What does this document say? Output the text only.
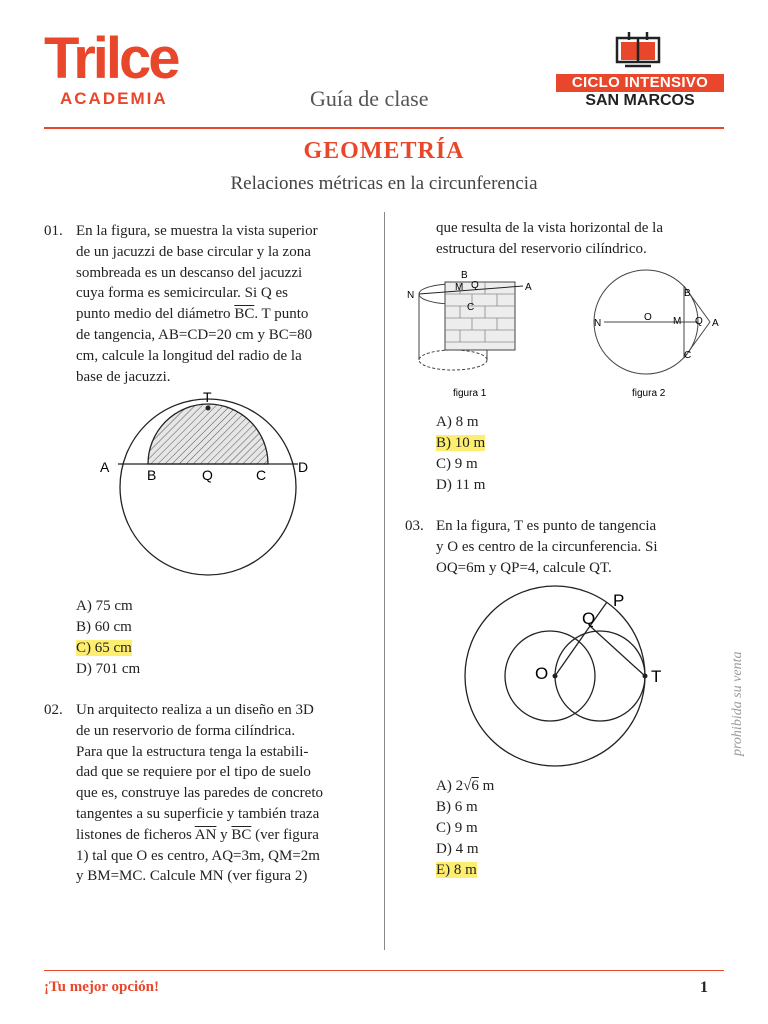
Trilce
ACADEMIA	Guía de clase
CICLO INTENSIVO
SAN MARCOS
GEOMETRÍA
Relaciones métricas en la circunferencia
01. En la figura, se muestra la vista superior
de un jacuzzi de base circular y la zona
sombreada es un descanso del jacuzzi
cuya forma es semicircular. Si Q es
punto medio del diámetro $\overline{BC}$. T punto
de tangencia, AB=CD=20 cm y BC=80
cm, calcule la longitud del radio de la
base de jacuzzi.
T
A	B	Q	C D
A) 75 cm
B) 60 cm
C) 65 cm
D) 701 cm
02. Un arquitecto realiza a un diseño en 3D
de un reservorio de forma cilíndrica.
Para que la estructura tenga la estabili-
dad que se requiere por el tipo de suelo
que es, construye las paredes de concreto
tangentes a su superficie y también traza
listones de ficheros $\overline{AN}$ y $\overline{BC}$ (ver figura
1) tal que O es centro, AQ=3m, QM=2m
y BM=MC. Calcule MN (ver figura 2)
que resulta de la vista horizontal de la
estructura del reservorio cilíndrico.
N
M Q	A
B
C
figura 1
N
O M Q A
B
C
figura 2
A) 8 m
B) 10 m
C) 9 m
D) 11 m
03. En la figura, T es punto de tangencia
y O es centro de la circunferencia. Si
OQ=6m y QP=4, calcule QT.
P
Q
O	T
A) 2√6 m
B) 6 m
C) 9 m
D) 4 m
E) 8 m
prohibida su venta
¡Tu mejor opción!	1
